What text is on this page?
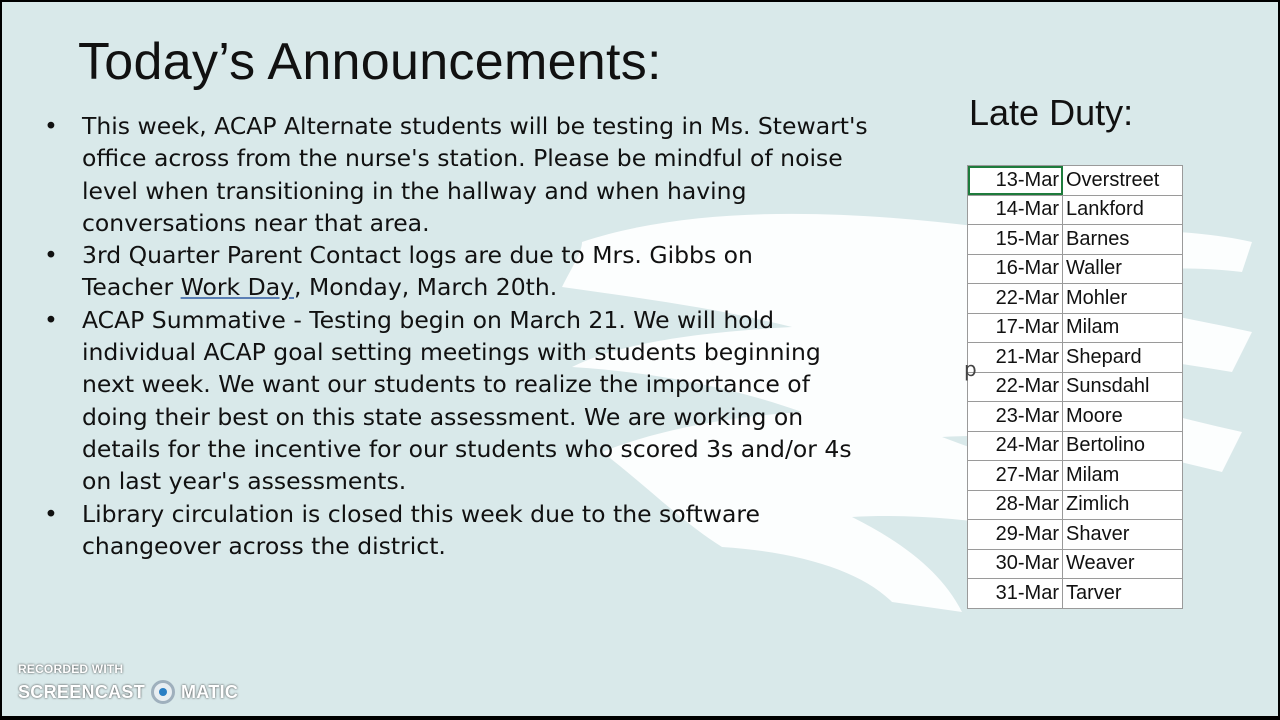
Today’s Announcements:
• This week, ACAP Alternate students will be testing in Ms. Stewart's
office across from the nurse's station. Please be mindful of noise
level when transitioning in the hallway and when having
conversations near that area.
• 3rd Quarter Parent Contact logs are due to Mrs. Gibbs on
Teacher Work Day, Monday, March 20th.
• ACAP Summative - Testing begin on March 21. We will hold
individual ACAP goal setting meetings with students beginning
next week. We want our students to realize the importance of
doing their best on this state assessment. We are working on
details for the incentive for our students who scored 3s and/or 4s
on last year's assessments.
• Library circulation is closed this week due to the software
changeover across the district.
Late Duty:
13-Mar	Overstreet
14-Mar	Lankford
15-Mar	Barnes
16-Mar	Waller
22-Mar	Mohler
17-Mar	Milam
21-Mar	Shepard
22-Mar	Sunsdahl
23-Mar	Moore
24-Mar	Bertolino
27-Mar	Milam
28-Mar	Zimlich
29-Mar	Shaver
30-Mar	Weaver
31-Mar	Tarver
p
RECORDED WITH
SCREENCAST MATIC
